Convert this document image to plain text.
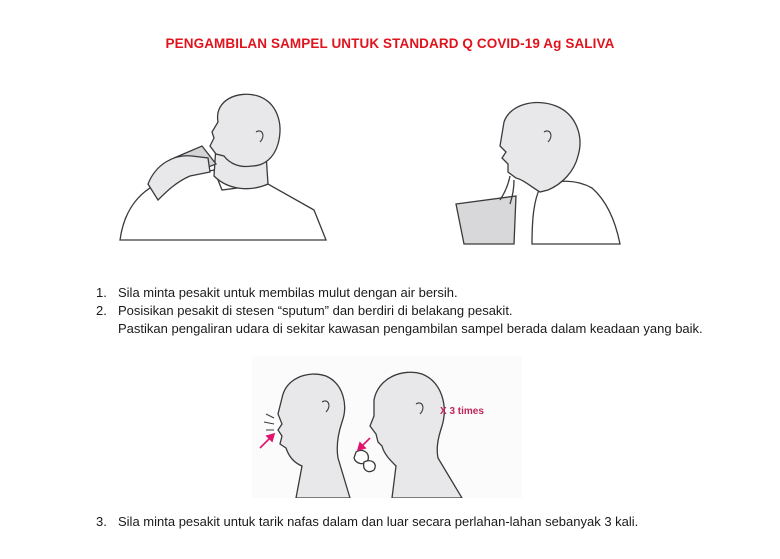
PENGAMBILAN SAMPEL UNTUK STANDARD Q COVID-19 Ag SALIVA
X 3 times
1. Sila minta pesakit untuk membilas mulut dengan air bersih.
2. Posisikan pesakit di stesen “sputum” dan berdiri di belakang pesakit.
Pastikan pengaliran udara di sekitar kawasan pengambilan sampel berada dalam keadaan yang baik.
3. Sila minta pesakit untuk tarik nafas dalam dan luar secara perlahan-lahan sebanyak 3 kali.
